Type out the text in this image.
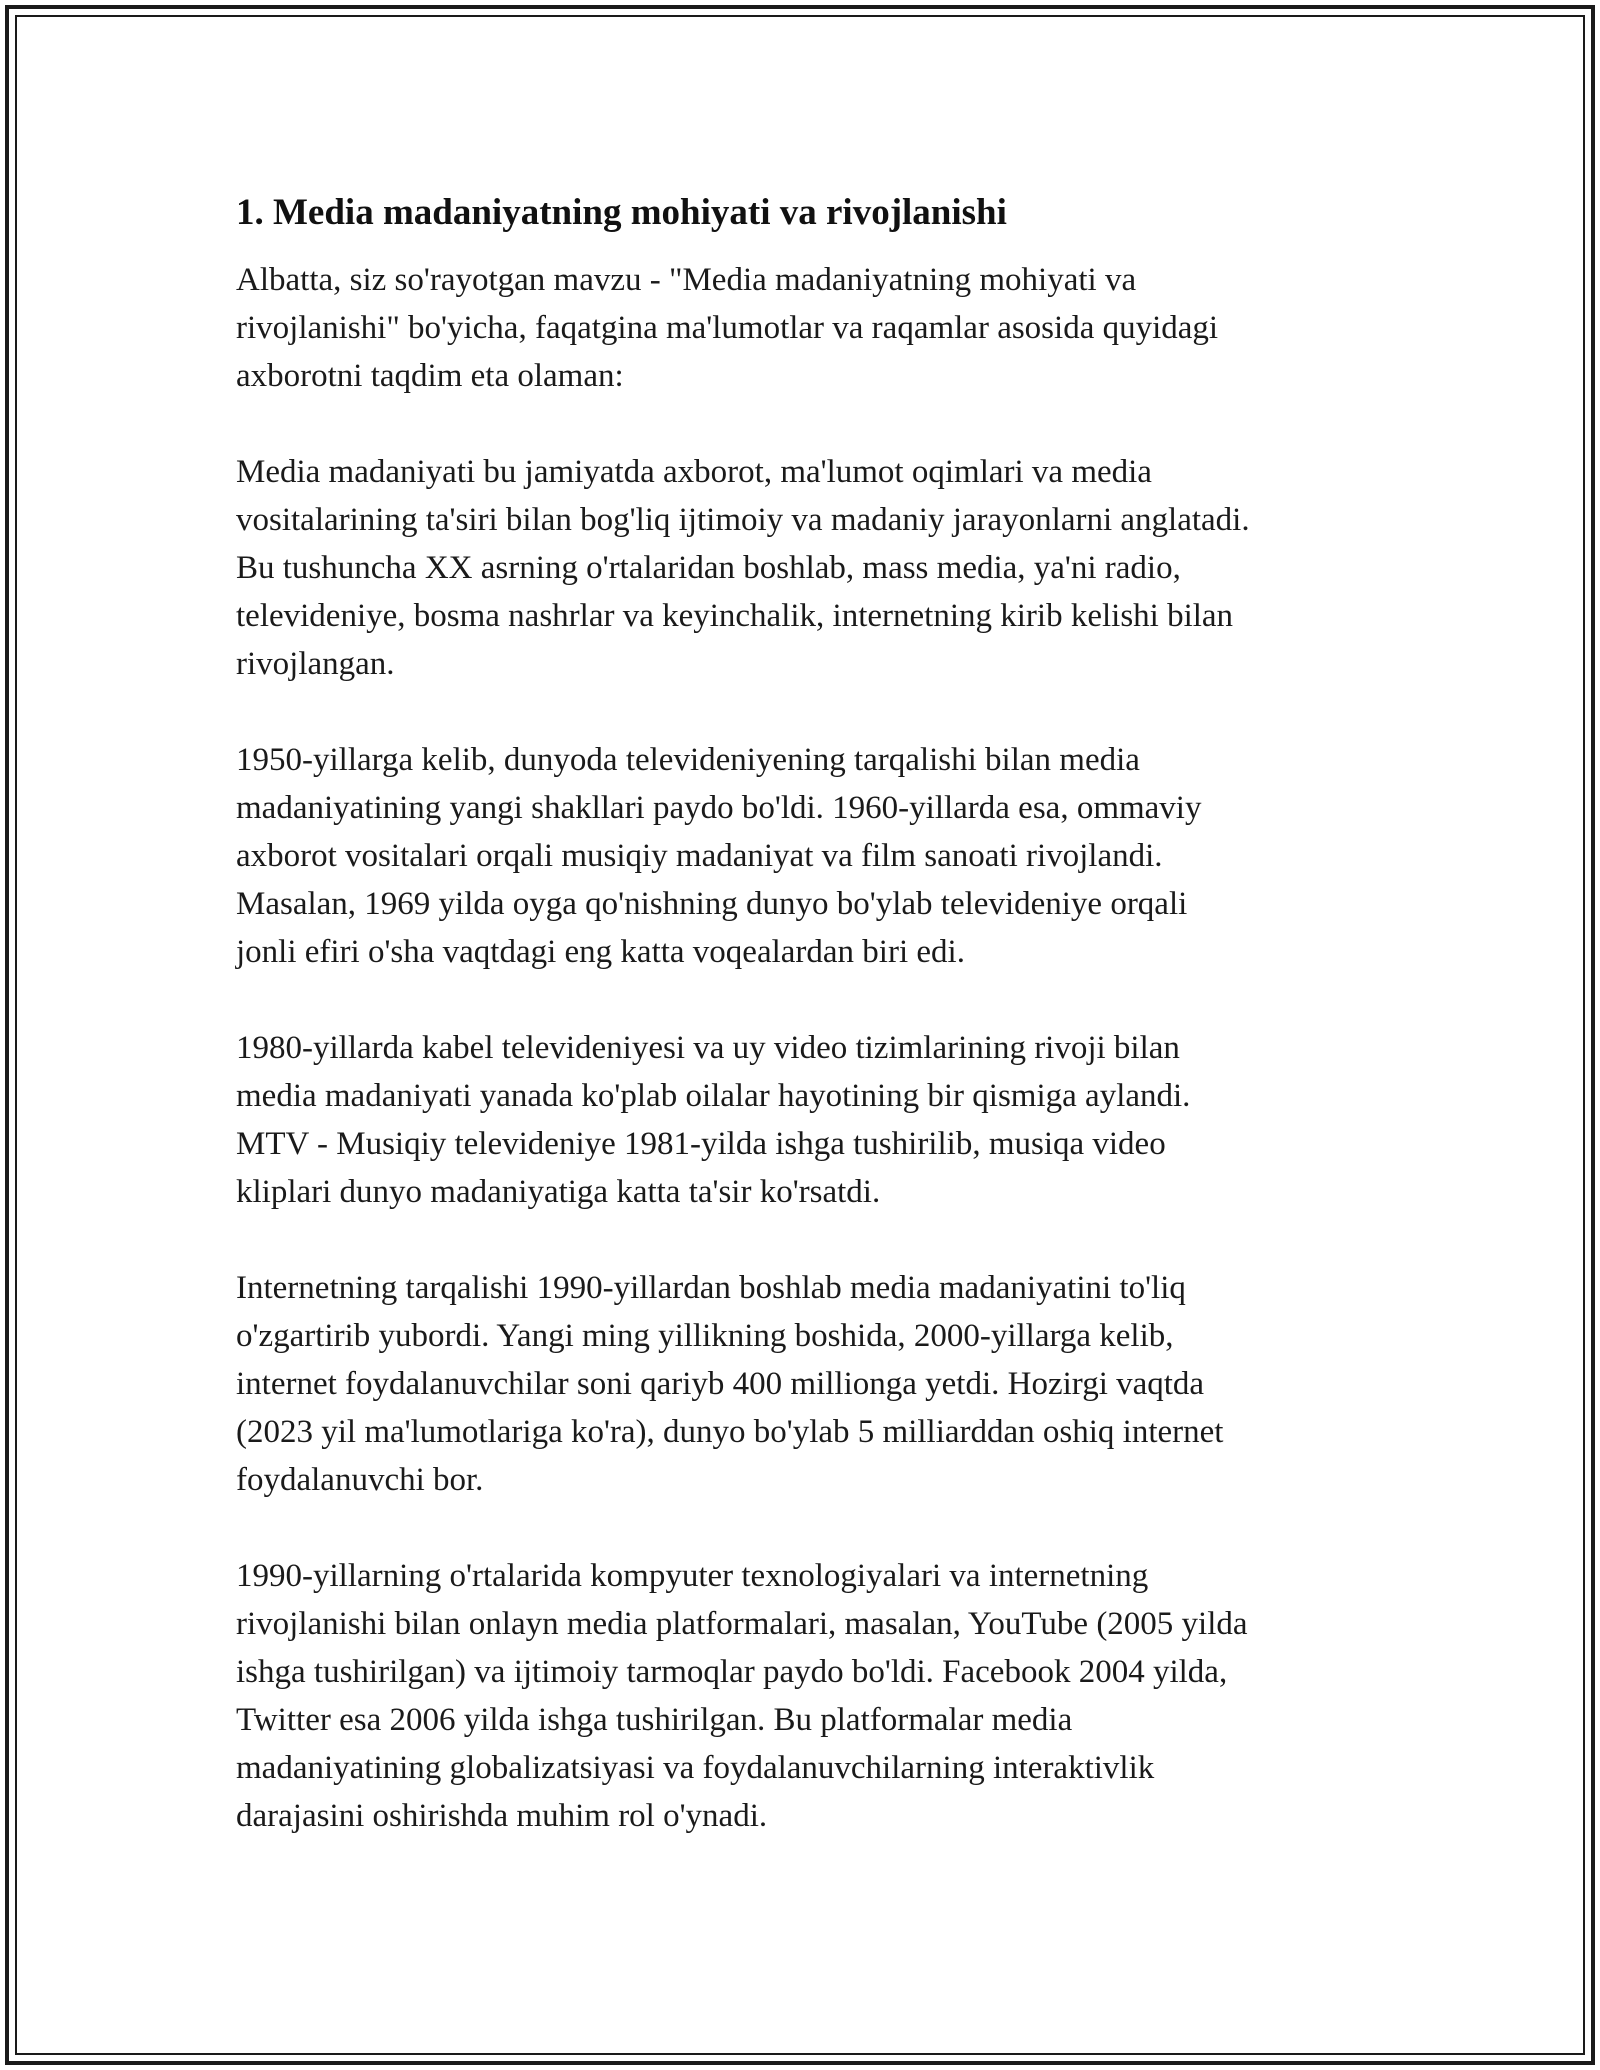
1. Media madaniyatning mohiyati va rivojlanishi

Albatta, siz so'rayotgan mavzu - "Media madaniyatning mohiyati va
rivojlanishi" bo'yicha, faqatgina ma'lumotlar va raqamlar asosida quyidagi
axborotni taqdim eta olaman:

Media madaniyati bu jamiyatda axborot, ma'lumot oqimlari va media
vositalarining ta'siri bilan bog'liq ijtimoiy va madaniy jarayonlarni anglatadi.
Bu tushuncha XX asrning o'rtalaridan boshlab, mass media, ya'ni radio,
televideniye, bosma nashrlar va keyinchalik, internetning kirib kelishi bilan
rivojlangan.

1950-yillarga kelib, dunyoda televideniyening tarqalishi bilan media
madaniyatining yangi shakllari paydo bo'ldi. 1960-yillarda esa, ommaviy
axborot vositalari orqali musiqiy madaniyat va film sanoati rivojlandi.
Masalan, 1969 yilda oyga qo'nishning dunyo bo'ylab televideniye orqali
jonli efiri o'sha vaqtdagi eng katta voqealardan biri edi.

1980-yillarda kabel televideniyesi va uy video tizimlarining rivoji bilan
media madaniyati yanada ko'plab oilalar hayotining bir qismiga aylandi.
MTV - Musiqiy televideniye 1981-yilda ishga tushirilib, musiqa video
kliplari dunyo madaniyatiga katta ta'sir ko'rsatdi.

Internetning tarqalishi 1990-yillardan boshlab media madaniyatini to'liq
o'zgartirib yubordi. Yangi ming yillikning boshida, 2000-yillarga kelib,
internet foydalanuvchilar soni qariyb 400 millionga yetdi. Hozirgi vaqtda
(2023 yil ma'lumotlariga ko'ra), dunyo bo'ylab 5 milliarddan oshiq internet
foydalanuvchi bor.

1990-yillarning o'rtalarida kompyuter texnologiyalari va internetning
rivojlanishi bilan onlayn media platformalari, masalan, YouTube (2005 yilda
ishga tushirilgan) va ijtimoiy tarmoqlar paydo bo'ldi. Facebook 2004 yilda,
Twitter esa 2006 yilda ishga tushirilgan. Bu platformalar media
madaniyatining globalizatsiyasi va foydalanuvchilarning interaktivlik
darajasini oshirishda muhim rol o'ynadi.
